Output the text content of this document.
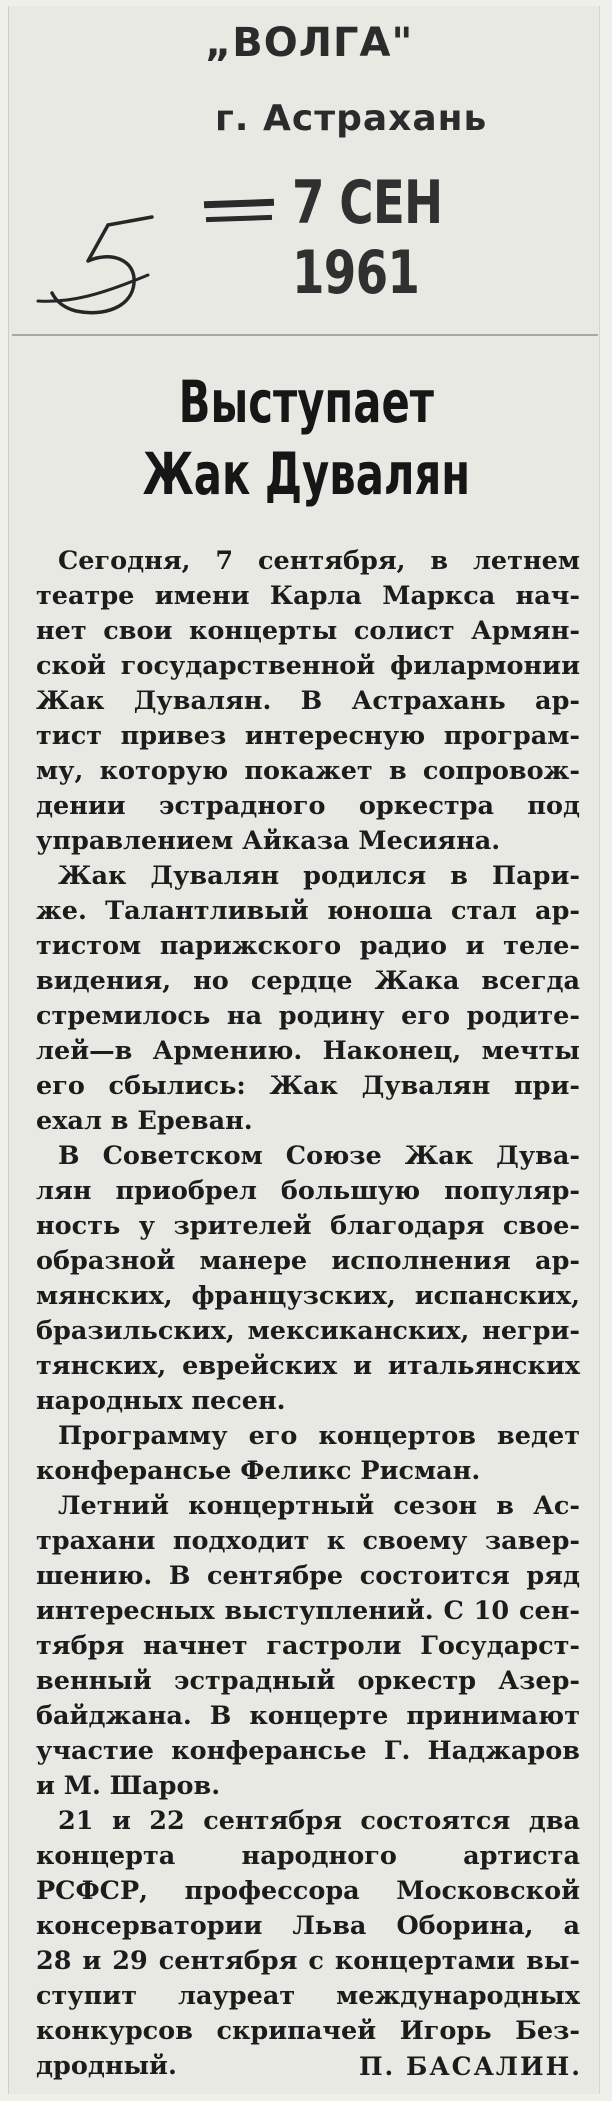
„ВОЛГА"
г. Астрахань
7 СЕН 1961
Выступает
Жак Дувалян
Сегодня, 7 сентября, в летнем
театре имени Карла Маркса нач-
нет свои концерты солист Армян-
ской государственной филармонии
Жак Дувалян. В Астрахань ар-
тист привез интересную програм-
му, которую покажет в сопровож-
дении эстрадного оркестра под
управлением Айказа Месияна.
Жак Дувалян родился в Пари-
же. Талантливый юноша стал ар-
тистом парижского радио и теле-
видения, но сердце Жака всегда
стремилось на родину его родите-
лей—в Армению. Наконец, мечты
его сбылись: Жак Дувалян при-
ехал в Ереван.
В Советском Союзе Жак Дува-
лян приобрел большую популяр-
ность у зрителей благодаря свое-
образной манере исполнения ар-
мянских, французских, испанских,
бразильских, мексиканских, негри-
тянских, еврейских и итальянских
народных песен.
Программу его концертов ведет
конферансье Феликс Рисман.
Летний концертный сезон в Ас-
трахани подходит к своему завер-
шению. В сентябре состоится ряд
интересных выступлений. С 10 сен-
тября начнет гастроли Государст-
венный эстрадный оркестр Азер-
байджана. В концерте принимают
участие конферансье Г. Наджаров
и М. Шаров.
21 и 22 сентября состоятся два
концерта народного артиста
РСФСР, профессора Московской
консерватории Льва Оборина, а
28 и 29 сентября с концертами вы-
ступит лауреат международных
конкурсов скрипачей Игорь Без-
дродный.	П. БАСАЛИН.
